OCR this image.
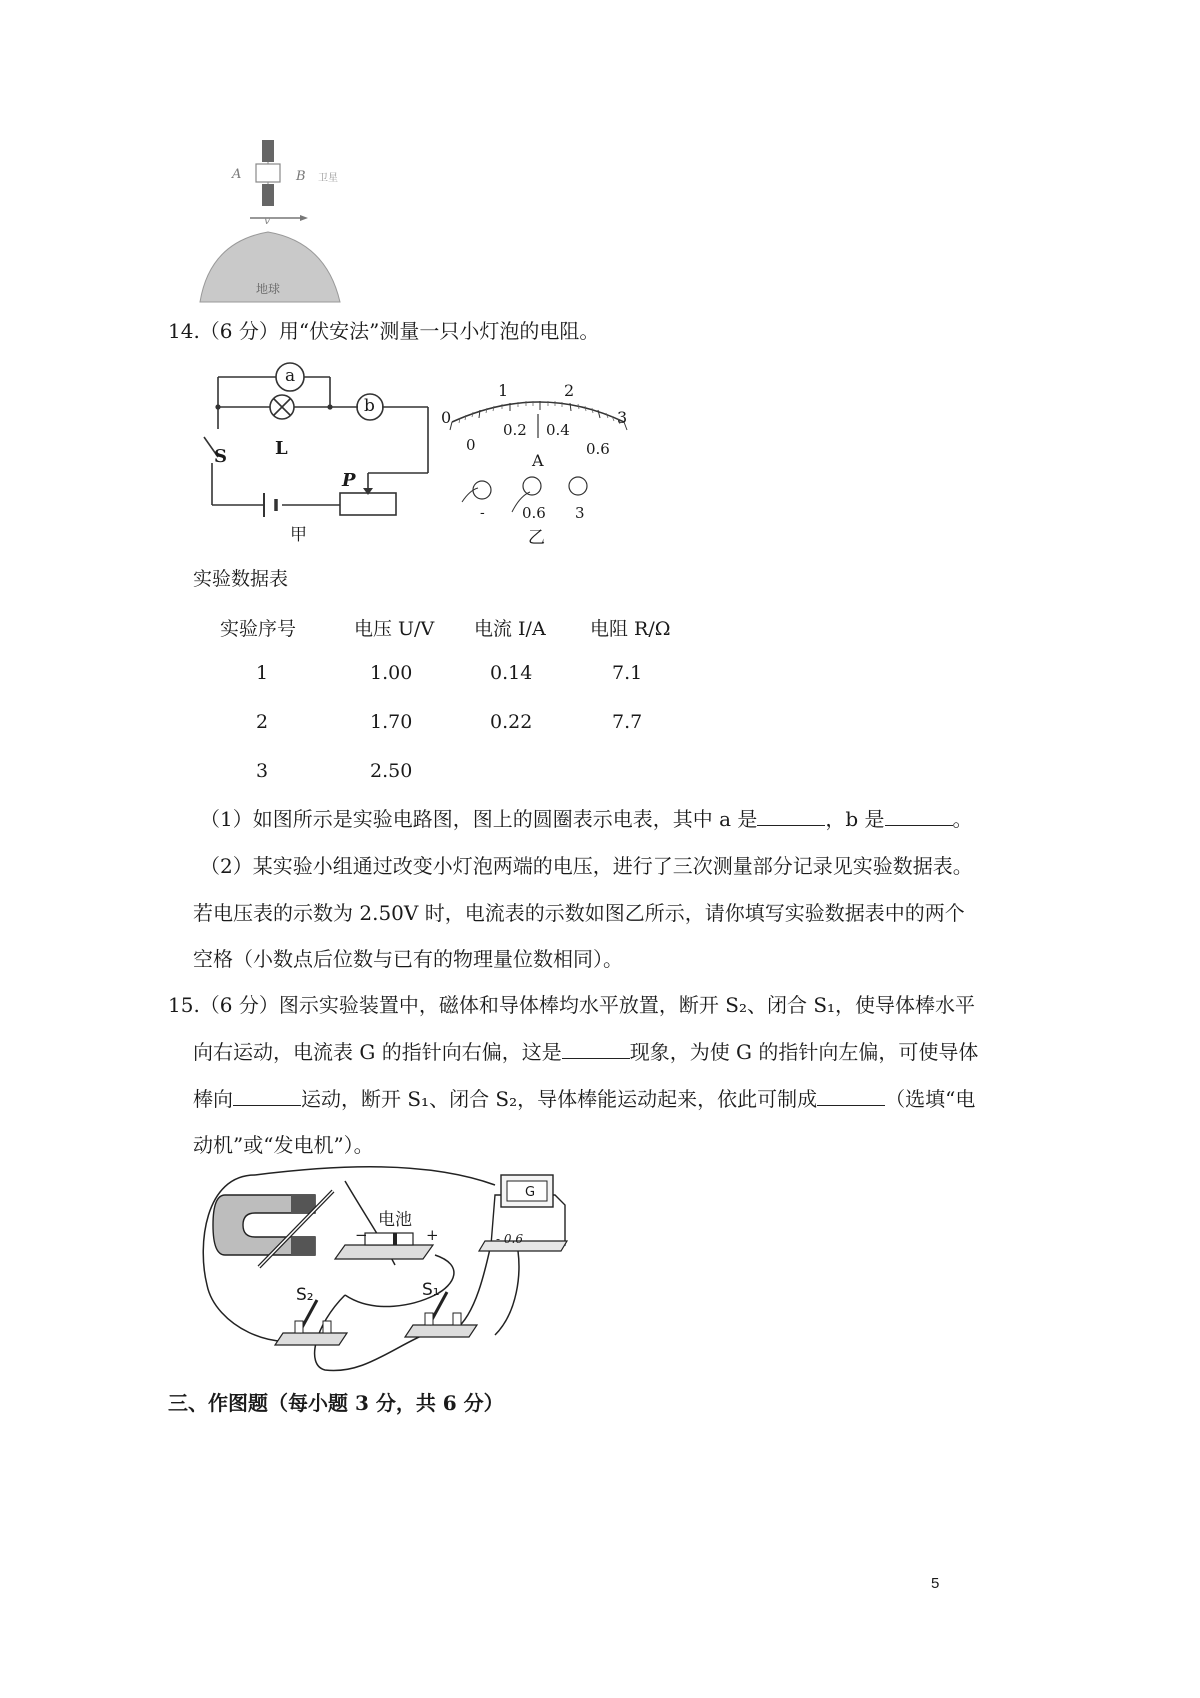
A	B 卫星
v
地球
14.（6 分）用“伏安法”测量一只小灯泡的电阻。
a
b
L
S
P
甲
0
1	2
3
0
0.2 0.4
0.6
A
- 0.6 3
乙
实验数据表
实验序号	电压 U/V 电流 I/A 电阻 R/Ω
1	1.00	0.14	7.1
2	1.70	0.22	7.7
3	2.50
（1）如图所示是实验电路图，图上的圆圈表示电表，其中 a 是	，b 是	。
（2）某实验小组通过改变小灯泡两端的电压，进行了三次测量部分记录见实验数据表。
若电压表的示数为 2.50V 时，电流表的示数如图乙所示，请你填写实验数据表中的两个
空格（小数点后位数与已有的物理量位数相同）。
15.（6 分）图示实验装置中，磁体和导体棒均水平放置，断开 S₂、闭合 S₁，使导体棒水平
向右运动，电流表 G 的指针向右偏，这是	现象，为使 G 的指针向左偏，可使导体
棒向	运动，断开 S₁、闭合 S₂，导体棒能运动起来，依此可制成	（选填“电
动机”或“发电机”）。
电池
−	+
G
- 0.6
S₂	S₁
三、作图题（每小题 3 分，共 6 分）
5
